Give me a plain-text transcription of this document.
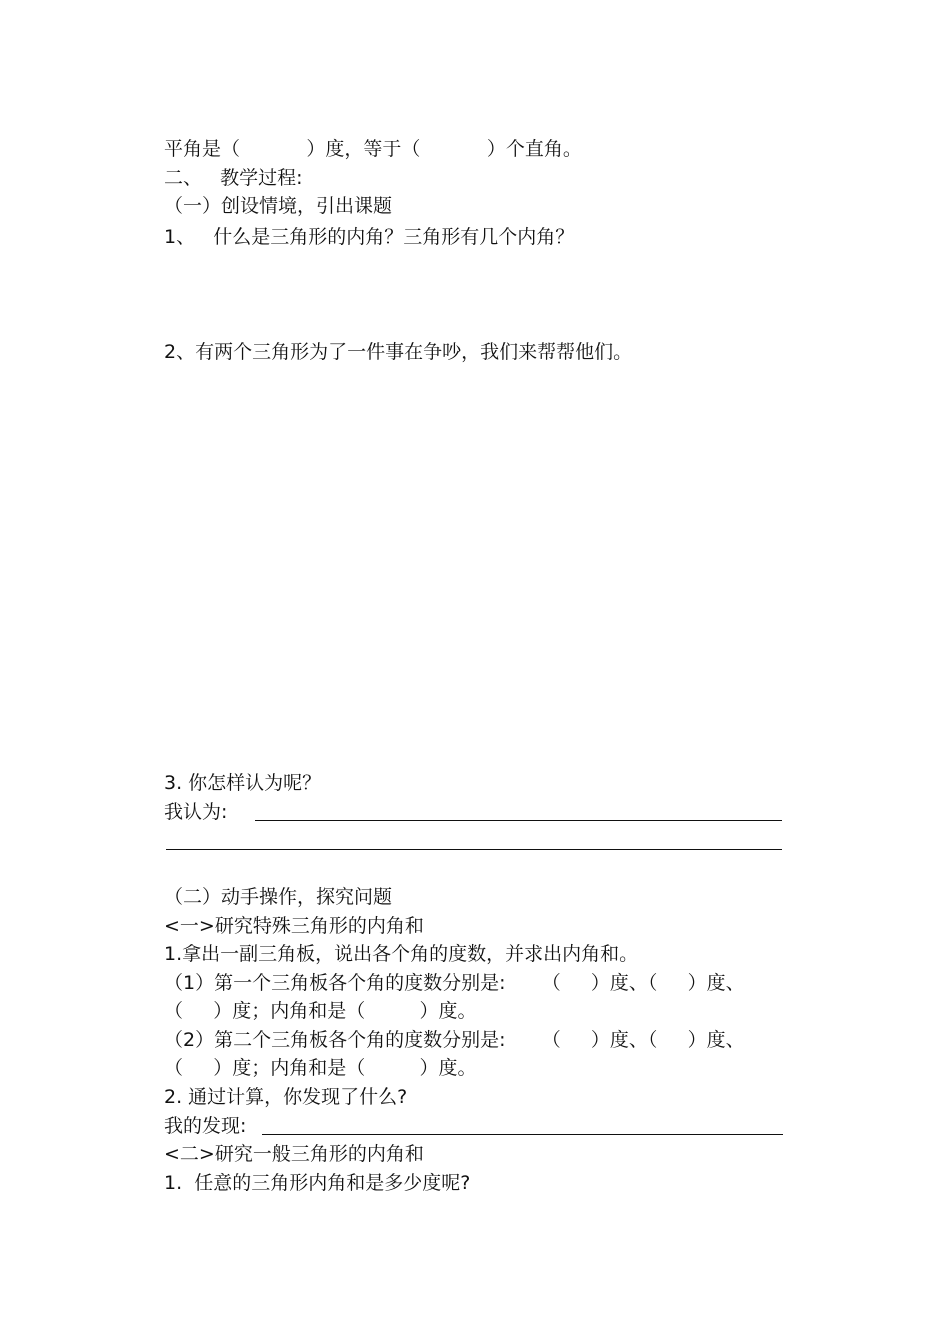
平角是（           ）度，等于（           ）个直角。

二、   教学过程:

（一）创设情境，引出课题

1、   什么是三角形的内角？三角形有几个内角？

2、有两个三角形为了一件事在争吵，我们来帮帮他们。

3. 你怎样认为呢？

我认为:

（二）动手操作，探究问题

<一>研究特殊三角形的内角和

1.拿出一副三角板，说出各个角的度数，并求出内角和。

（1）第一个三角板各个角的度数分别是:      （     ）度、（     ）度、

（     ）度；内角和是（         ）度。

（2）第二个三角板各个角的度数分别是:      （     ）度、（     ）度、

（     ）度；内角和是（         ）度。

2. 通过计算，你发现了什么?

我的发现:

<二>研究一般三角形的内角和

1.  任意的三角形内角和是多少度呢?
